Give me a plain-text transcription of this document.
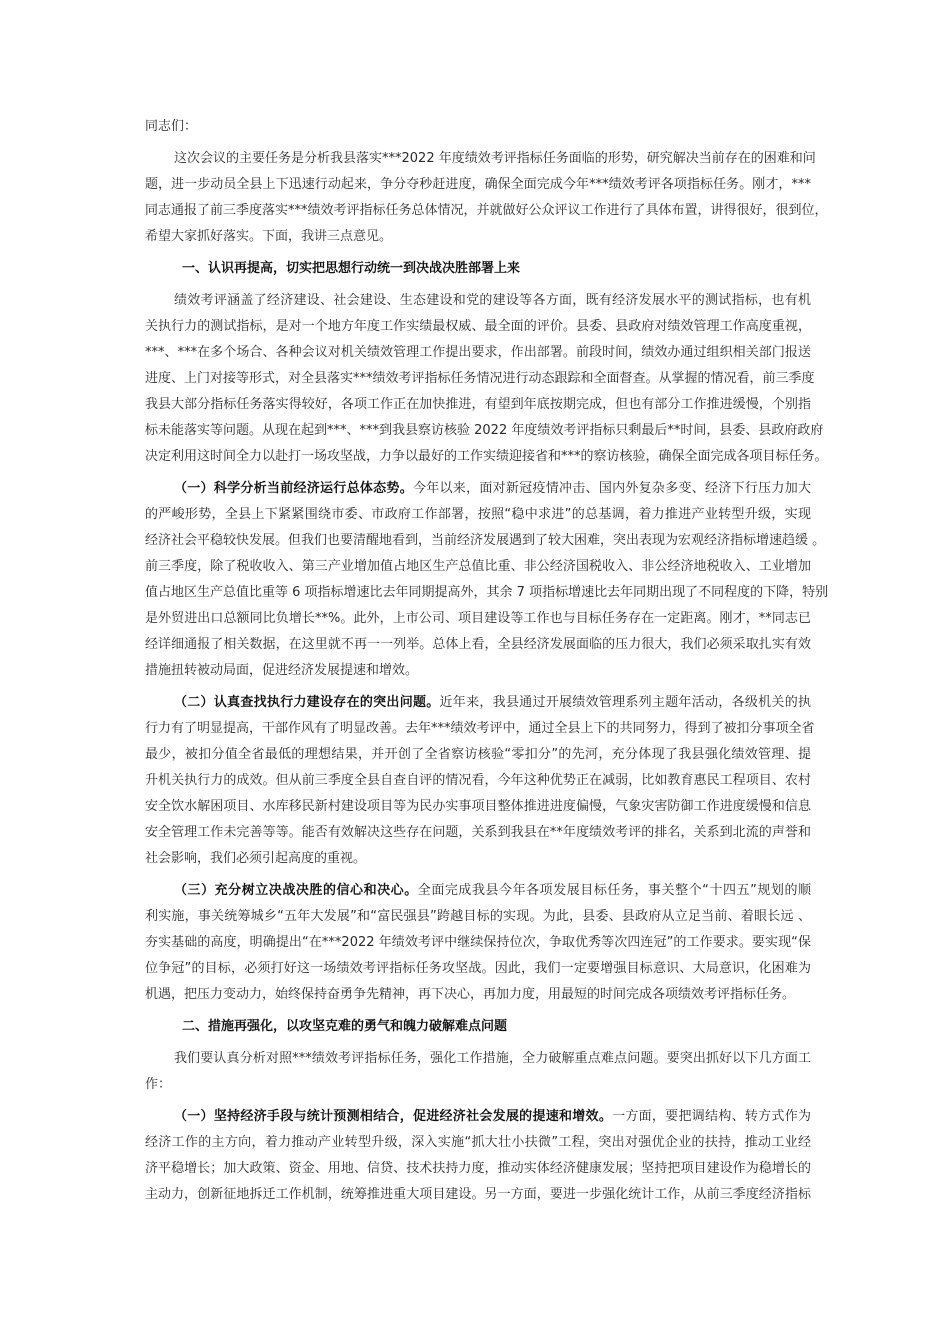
同志们：
这次会议的主要任务是分析我县落实***2022 年度绩效考评指标任务面临的形势，研究解决当前存在的困难和问
题，进一步动员全县上下迅速行动起来，争分夺秒赶进度，确保全面完成今年***绩效考评各项指标任务。刚才，***
同志通报了前三季度落实***绩效考评指标任务总体情况，并就做好公众评议工作进行了具体布置，讲得很好，很到位，
希望大家抓好落实。下面，我讲三点意见。
一、认识再提高，切实把思想行动统一到决战决胜部署上来
绩效考评涵盖了经济建设、社会建设、生态建设和党的建设等各方面，既有经济发展水平的测试指标，也有机
关执行力的测试指标，是对一个地方年度工作实绩最权威、最全面的评价。县委、县政府对绩效管理工作高度重视，
***、***在多个场合、各种会议对机关绩效管理工作提出要求，作出部署。前段时间，绩效办通过组织相关部门报送
进度、上门对接等形式，对全县落实***绩效考评指标任务情况进行动态跟踪和全面督查。从掌握的情况看，前三季度
我县大部分指标任务落实得较好，各项工作正在加快推进，有望到年底按期完成，但也有部分工作推进缓慢，个别指
标未能落实等问题。从现在起到***、***到我县察访核验 2022 年度绩效考评指标只剩最后**时间，县委、县政府政府
决定利用这时间全力以赴打一场攻坚战，力争以最好的工作实绩迎接省和***的察访核验，确保全面完成各项目标任务。
（一）科学分析当前经济运行总体态势。今年以来，面对新冠疫情冲击、国内外复杂多变、经济下行压力加大
的严峻形势，全县上下紧紧围绕市委、市政府工作部署，按照“稳中求进”的总基调，着力推进产业转型升级，实现
经济社会平稳较快发展。但我们也要清醒地看到，当前经济发展遇到了较大困难，突出表现为宏观经济指标增速趋缓 。
前三季度，除了税收收入、第三产业增加值占地区生产总值比重、非公经济国税收入、非公经济地税收入、工业增加
值占地区生产总值比重等 6 项指标增速比去年同期提高外，其余 7 项指标增速比去年同期出现了不同程度的下降，特别
是外贸进出口总额同比负增长**%。此外，上市公司、项目建设等工作也与目标任务存在一定距离。刚才，**同志已
经详细通报了相关数据，在这里就不再一一列举。总体上看，全县经济发展面临的压力很大，我们必须采取扎实有效
措施扭转被动局面，促进经济发展提速和增效。
（二）认真查找执行力建设存在的突出问题。近年来，我县通过开展绩效管理系列主题年活动，各级机关的执
行力有了明显提高，干部作风有了明显改善。去年***绩效考评中，通过全县上下的共同努力，得到了被扣分事项全省
最少，被扣分值全省最低的理想结果，并开创了全省察访核验“零扣分”的先河，充分体现了我县强化绩效管理、提
升机关执行力的成效。但从前三季度全县自查自评的情况看，今年这种优势正在减弱，比如教育惠民工程项目、农村
安全饮水解困项目、水库移民新村建设项目等为民办实事项目整体推进进度偏慢，气象灾害防御工作进度缓慢和信息
安全管理工作未完善等等。能否有效解决这些存在问题，关系到我县在**年度绩效考评的排名，关系到北流的声誉和
社会影响，我们必须引起高度的重视。
（三）充分树立决战决胜的信心和决心。全面完成我县今年各项发展目标任务，事关整个“十四五”规划的顺
利实施，事关统筹城乡“五年大发展”和“富民强县”跨越目标的实现。为此，县委、县政府从立足当前、着眼长远 、
夯实基础的高度，明确提出“在***2022 年绩效考评中继续保持位次，争取优秀等次四连冠”的工作要求。要实现“保
位争冠”的目标，必须打好这一场绩效考评指标任务攻坚战。因此，我们一定要增强目标意识、大局意识，化困难为
机遇，把压力变动力，始终保持奋勇争先精神，再下决心，再加力度，用最短的时间完成各项绩效考评指标任务。
二、措施再强化，以攻坚克难的勇气和魄力破解难点问题
我们要认真分析对照***绩效考评指标任务，强化工作措施，全力破解重点难点问题。要突出抓好以下几方面工
作：
（一）坚持经济手段与统计预测相结合，促进经济社会发展的提速和增效。一方面，要把调结构、转方式作为
经济工作的主方向，着力推动产业转型升级，深入实施“抓大壮小扶微”工程，突出对强优企业的扶持，推动工业经
济平稳增长；加大政策、资金、用地、信贷、技术扶持力度，推动实体经济健康发展；坚持把项目建设作为稳增长的
主动力，创新征地拆迁工作机制，统筹推进重大项目建设。另一方面，要进一步强化统计工作，从前三季度经济指标
